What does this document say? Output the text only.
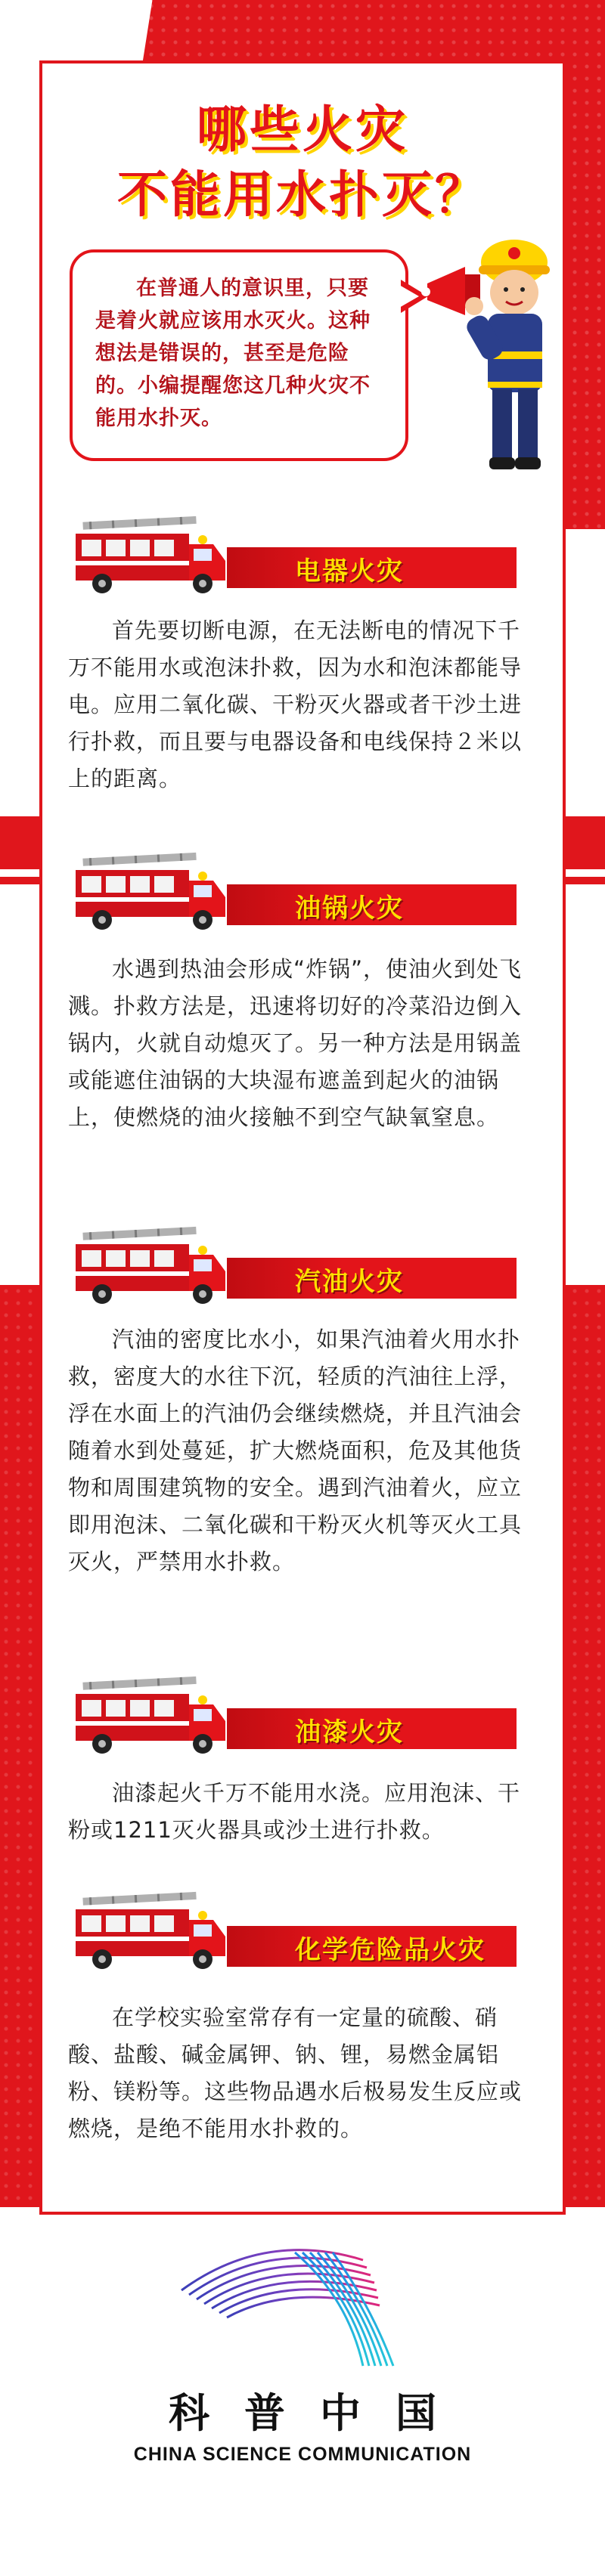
哪些火灾
不能用水扑灭？

在普通人的意识里，只要是着火就应该用水灭火。这种想法是错误的，甚至是危险的。小编提醒您这几种火灾不能用水扑灭。

电器火灾

首先要切断电源，在无法断电的情况下千万不能用水或泡沫扑救，因为水和泡沫都能导电。应用二氧化碳、干粉灭火器或者干沙土进行扑救，而且要与电器设备和电线保持２米以上的距离。

油锅火灾

水遇到热油会形成“炸锅”，使油火到处飞溅。扑救方法是，迅速将切好的冷菜沿边倒入锅内，火就自动熄灭了。另一种方法是用锅盖或能遮住油锅的大块湿布遮盖到起火的油锅上，使燃烧的油火接触不到空气缺氧窒息。

汽油火灾

汽油的密度比水小，如果汽油着火用水扑救，密度大的水往下沉，轻质的汽油往上浮，浮在水面上的汽油仍会继续燃烧，并且汽油会随着水到处蔓延，扩大燃烧面积，危及其他货物和周围建筑物的安全。遇到汽油着火，应立即用泡沫、二氧化碳和干粉灭火机等灭火工具灭火，严禁用水扑救。

油漆火灾

油漆起火千万不能用水浇。应用泡沫、干粉或1211灭火器具或沙土进行扑救。

化学危险品火灾

在学校实验室常存有一定量的硫酸、硝酸、盐酸、碱金属钾、钠、锂，易燃金属铝粉、镁粉等。这些物品遇水后极易发生反应或燃烧，是绝不能用水扑救的。

科普中国
CHINA SCIENCE COMMUNICATION
